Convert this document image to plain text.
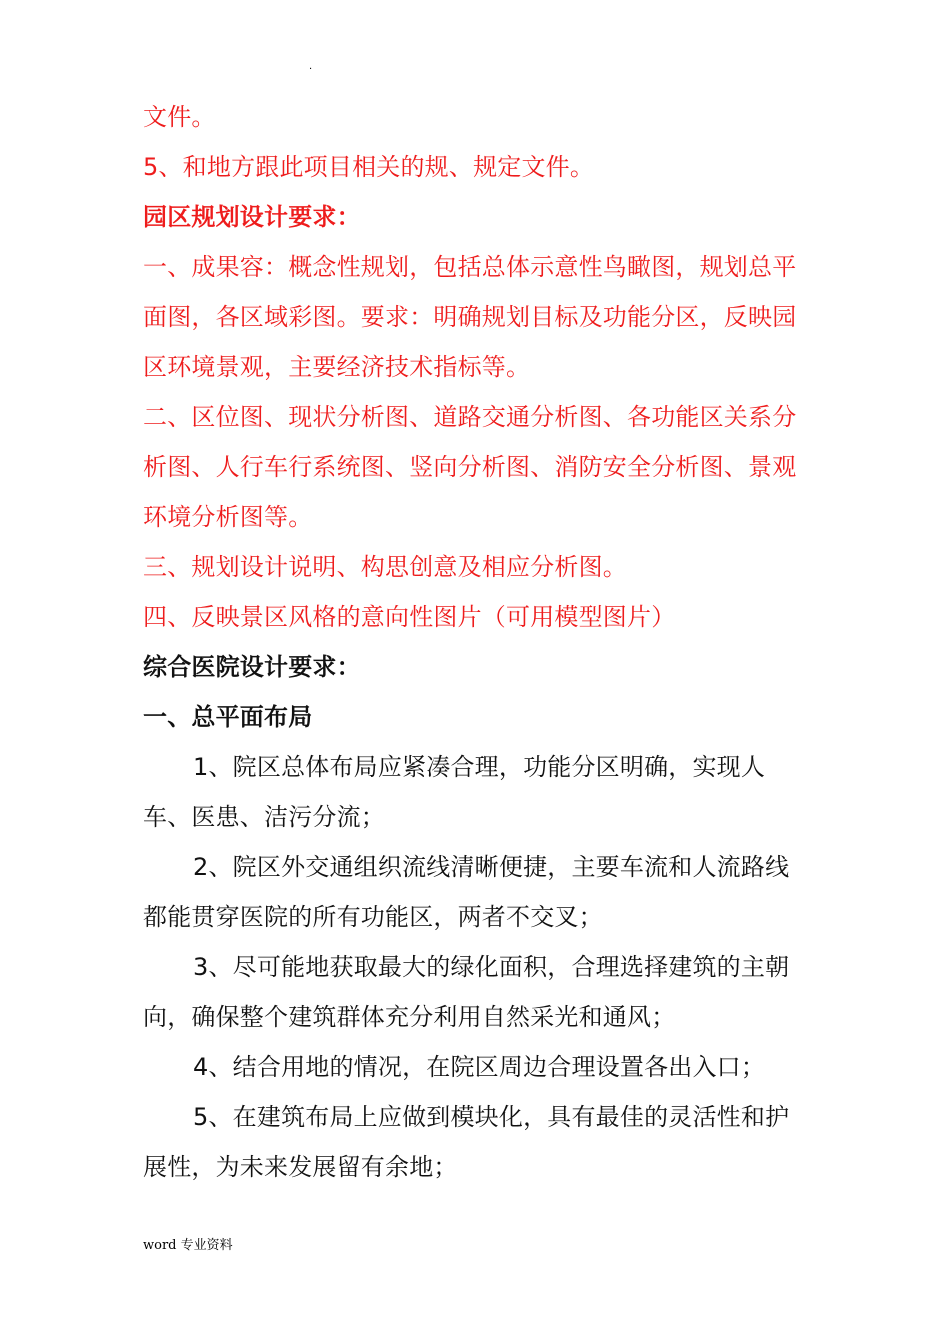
.

文件。

5、和地方跟此项目相关的规、规定文件。

园区规划设计要求：

一、成果容：概念性规划，包括总体示意性鸟瞰图，规划总平面图，各区域彩图。要求：明确规划目标及功能分区，反映园区环境景观，主要经济技术指标等。

二、区位图、现状分析图、道路交通分析图、各功能区关系分析图、人行车行系统图、竖向分析图、消防安全分析图、景观环境分析图等。

三、规划设计说明、构思创意及相应分析图。

四、反映景区风格的意向性图片（可用模型图片）

综合医院设计要求：

一、总平面布局

1、院区总体布局应紧凑合理，功能分区明确，实现人车、医患、洁污分流；

2、院区外交通组织流线清晰便捷，主要车流和人流路线都能贯穿医院的所有功能区，两者不交叉；

3、尽可能地获取最大的绿化面积，合理选择建筑的主朝向，确保整个建筑群体充分利用自然采光和通风；

4、结合用地的情况，在院区周边合理设置各出入口；

5、在建筑布局上应做到模块化，具有最佳的灵活性和护展性，为未来发展留有余地；

word 专业资料
